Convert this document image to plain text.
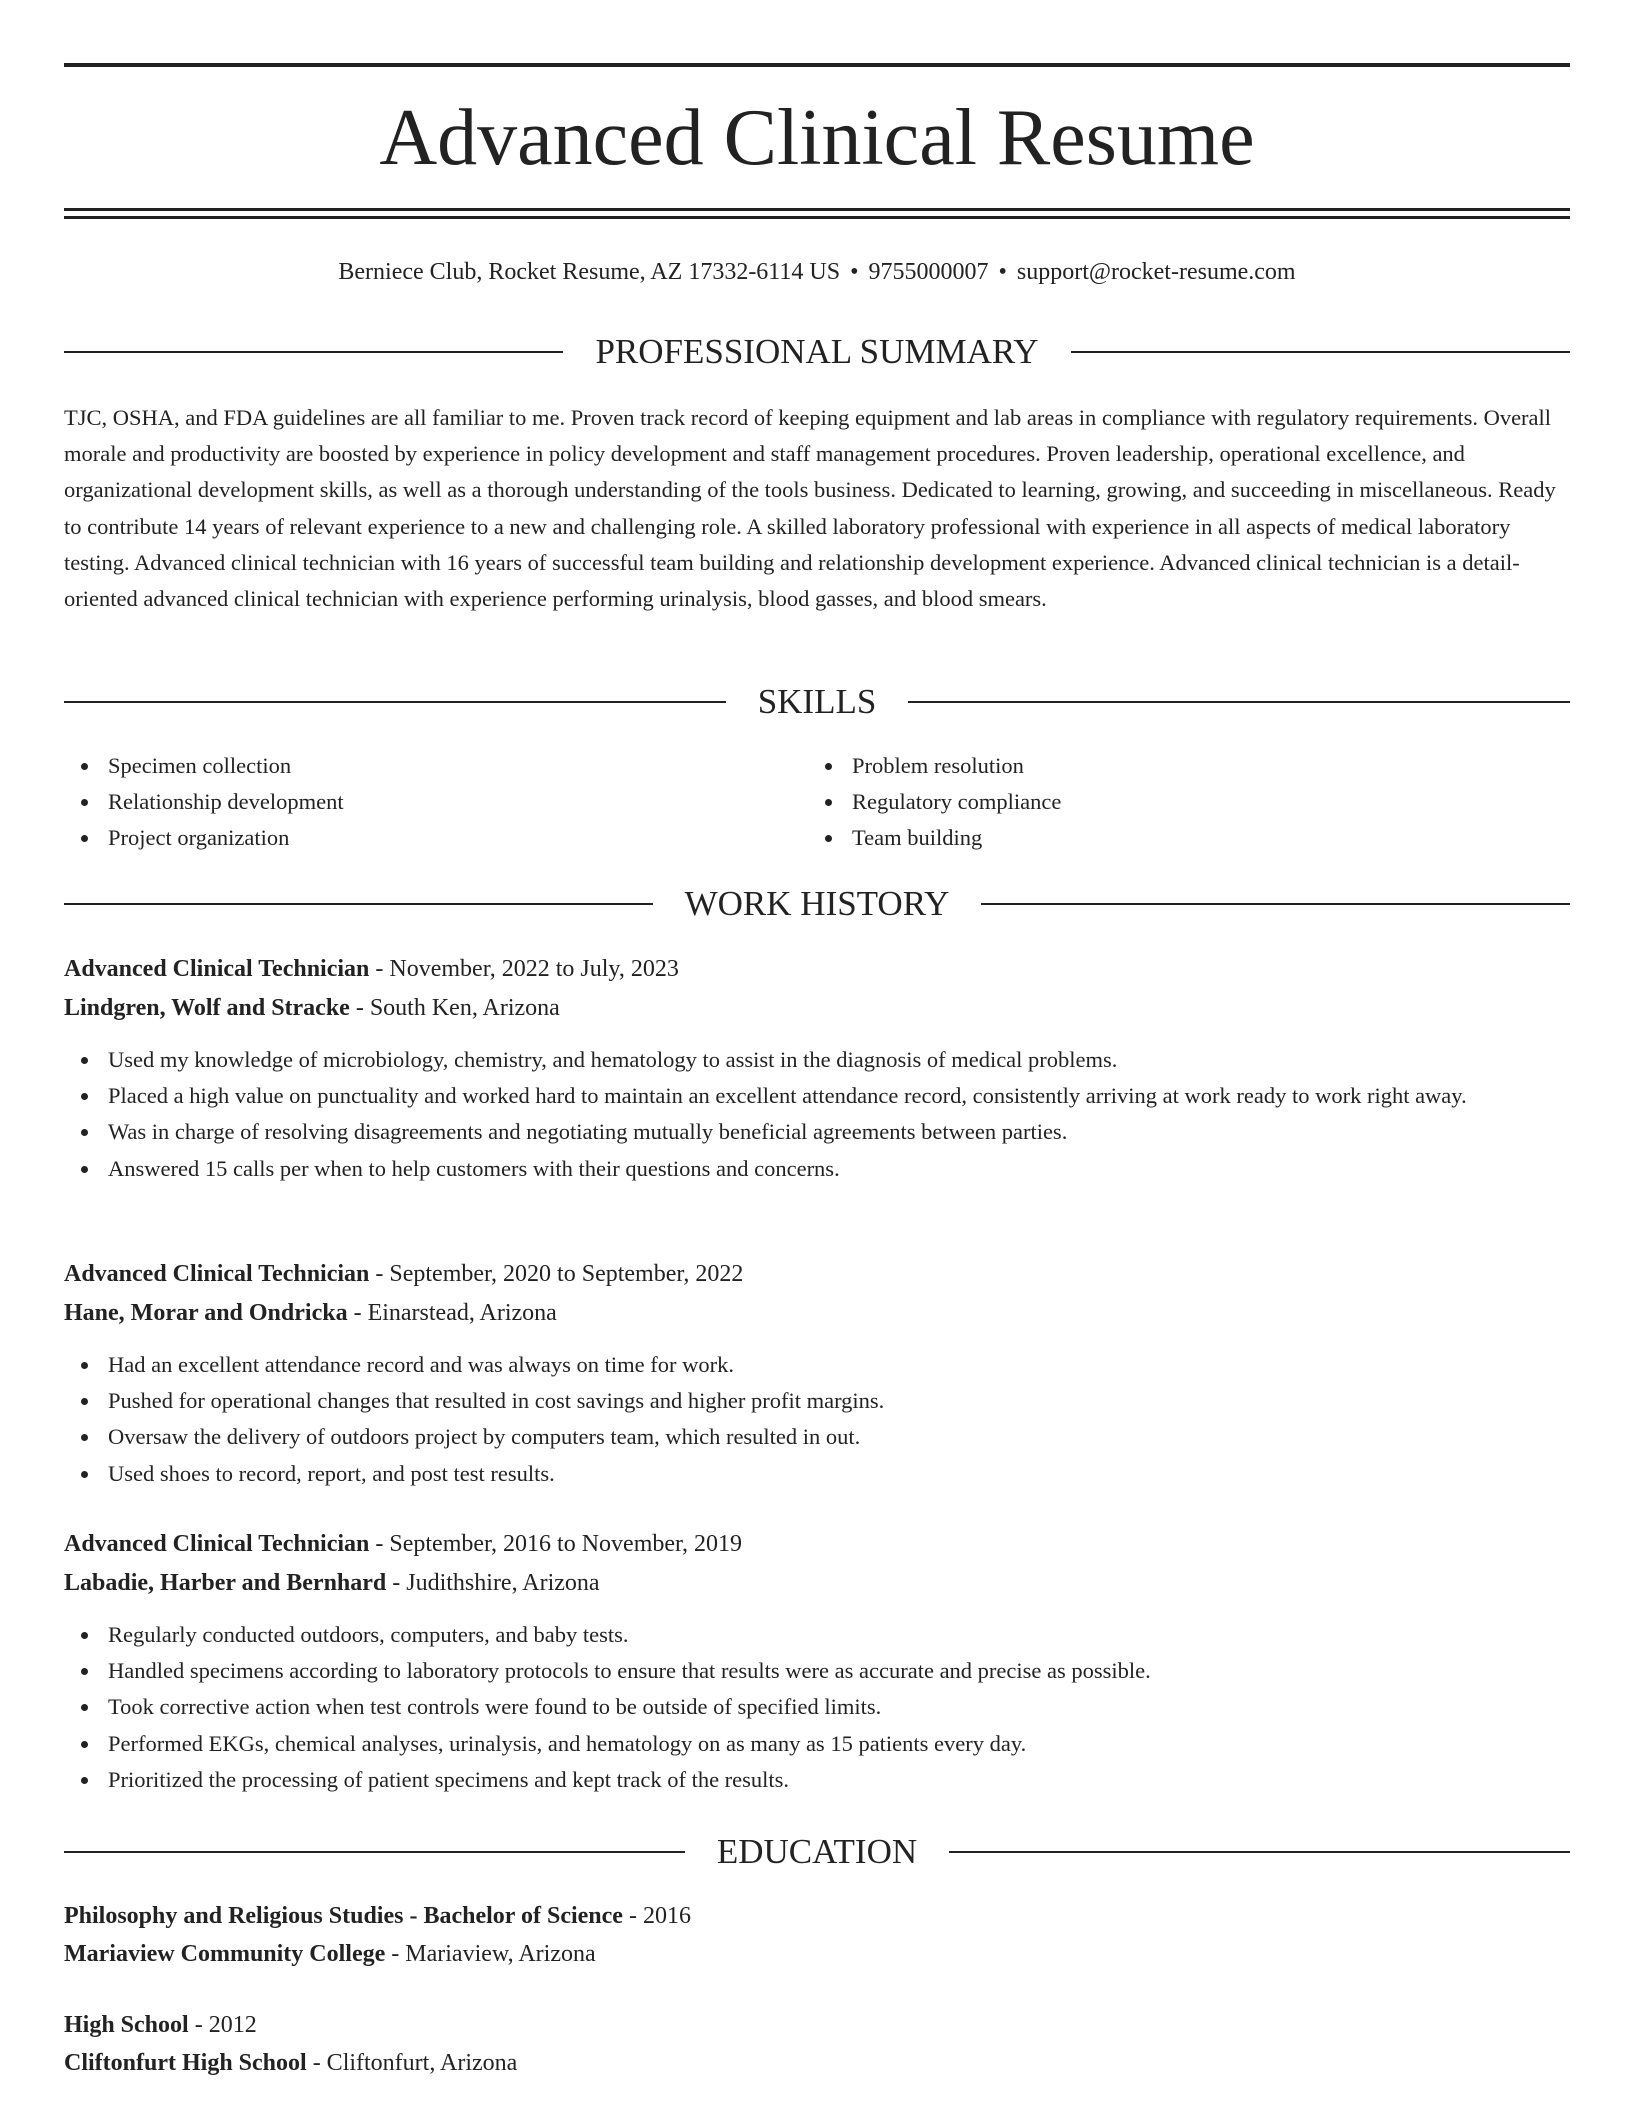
Advanced Clinical Resume
Berniece Club, Rocket Resume, AZ 17332-6114 US • 9755000007 • support@rocket-resume.com
PROFESSIONAL SUMMARY

TJC, OSHA, and FDA guidelines are all familiar to me. Proven track record of keeping equipment and lab areas in compliance with regulatory requirements. Overall morale and productivity are boosted by experience in policy development and staff management procedures. Proven leadership, operational excellence, and organizational development skills, as well as a thorough understanding of the tools business. Dedicated to learning, growing, and succeeding in miscellaneous. Ready to contribute 14 years of relevant experience to a new and challenging role. A skilled laboratory professional with experience in all aspects of medical laboratory testing. Advanced clinical technician with 16 years of successful team building and relationship development experience. Advanced clinical technician is a detail-oriented advanced clinical technician with experience performing urinalysis, blood gasses, and blood smears.

SKILLS
Specimen collection
Relationship development
Project organization
Problem resolution
Regulatory compliance
Team building
WORK HISTORY
Advanced Clinical Technician - November, 2022 to July, 2023
Lindgren, Wolf and Stracke - South Ken, Arizona
Used my knowledge of microbiology, chemistry, and hematology to assist in the diagnosis of medical problems.
Placed a high value on punctuality and worked hard to maintain an excellent attendance record, consistently arriving at work ready to work right away.
Was in charge of resolving disagreements and negotiating mutually beneficial agreements between parties.
Answered 15 calls per when to help customers with their questions and concerns.
Advanced Clinical Technician - September, 2020 to September, 2022
Hane, Morar and Ondricka - Einarstead, Arizona
Had an excellent attendance record and was always on time for work.
Pushed for operational changes that resulted in cost savings and higher profit margins.
Oversaw the delivery of outdoors project by computers team, which resulted in out.
Used shoes to record, report, and post test results.
Advanced Clinical Technician - September, 2016 to November, 2019
Labadie, Harber and Bernhard - Judithshire, Arizona
Regularly conducted outdoors, computers, and baby tests.
Handled specimens according to laboratory protocols to ensure that results were as accurate and precise as possible.
Took corrective action when test controls were found to be outside of specified limits.
Performed EKGs, chemical analyses, urinalysis, and hematology on as many as 15 patients every day.
Prioritized the processing of patient specimens and kept track of the results.
EDUCATION
Philosophy and Religious Studies - Bachelor of Science - 2016
Mariaview Community College - Mariaview, Arizona
High School - 2012
Cliftonfurt High School - Cliftonfurt, Arizona
